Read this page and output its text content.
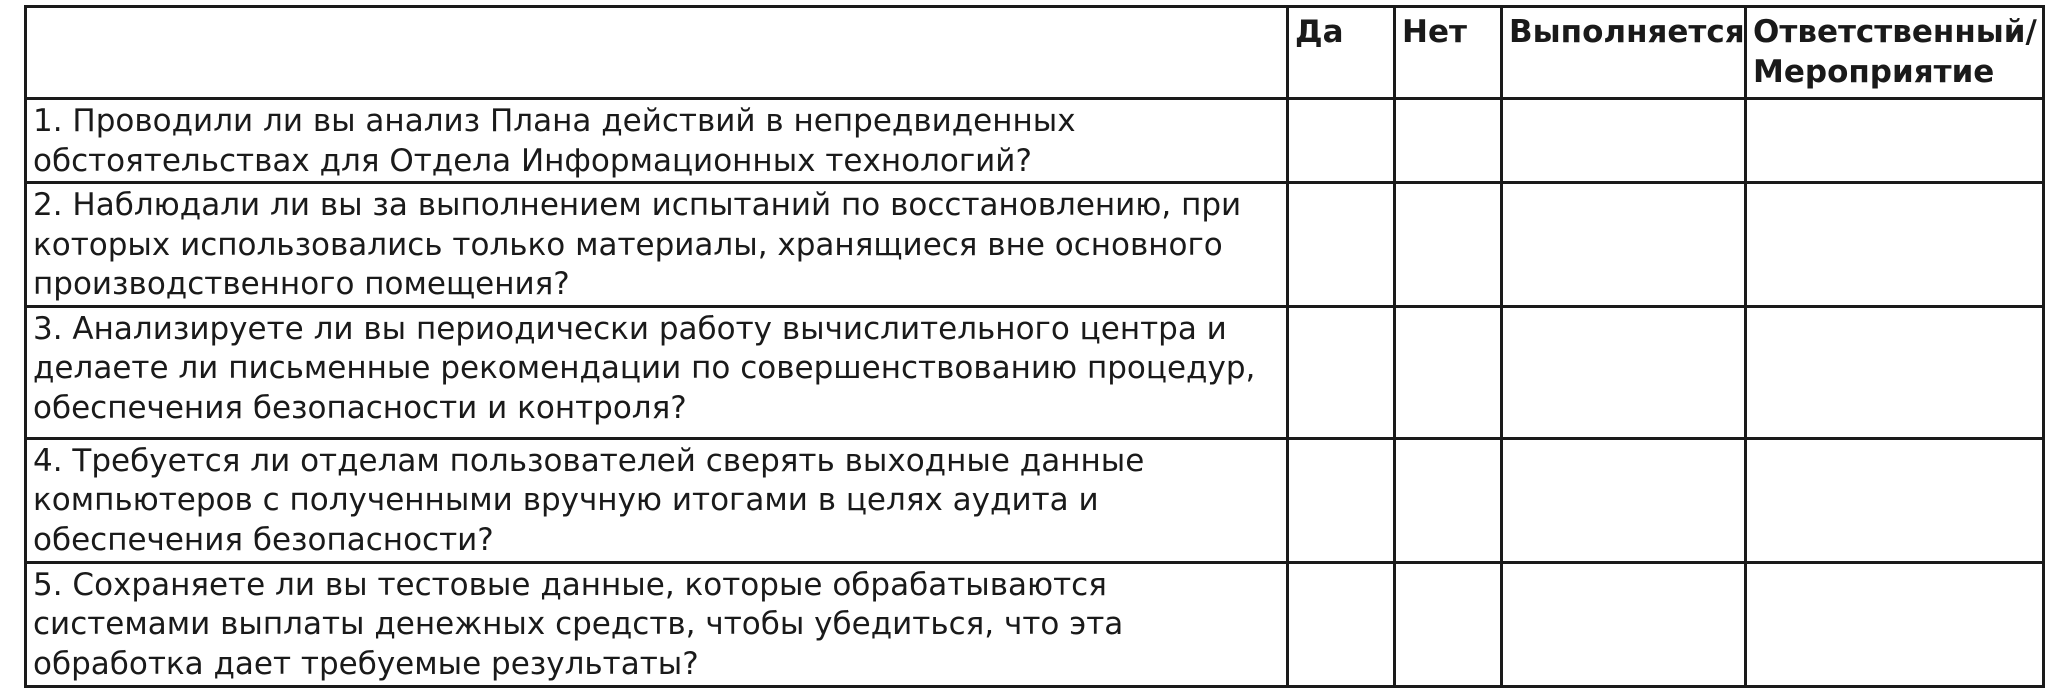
	Да	Нет	Выполняется	Ответственный/ Мероприятие
1. Проводили ли вы анализ Плана действий в непредвиденных обстоятельствах для Отдела Информационных технологий?				
2. Наблюдали ли вы за выполнением испытаний по восстановлению, при которых использовались только материалы, хранящиеся вне основного производственного помещения?				
3. Анализируете ли вы периодически работу вычислительного центра и делаете ли письменные рекомендации по совершенствованию процедур, обеспечения безопасности и контроля?				
4. Требуется ли отделам пользователей сверять выходные данные компьютеров с полученными вручную итогами в целях аудита и обеспечения безопасности?				
5. Сохраняете ли вы тестовые данные, которые обрабатываются системами выплаты денежных средств, чтобы убедиться, что эта обработка дает требуемые результаты?				
